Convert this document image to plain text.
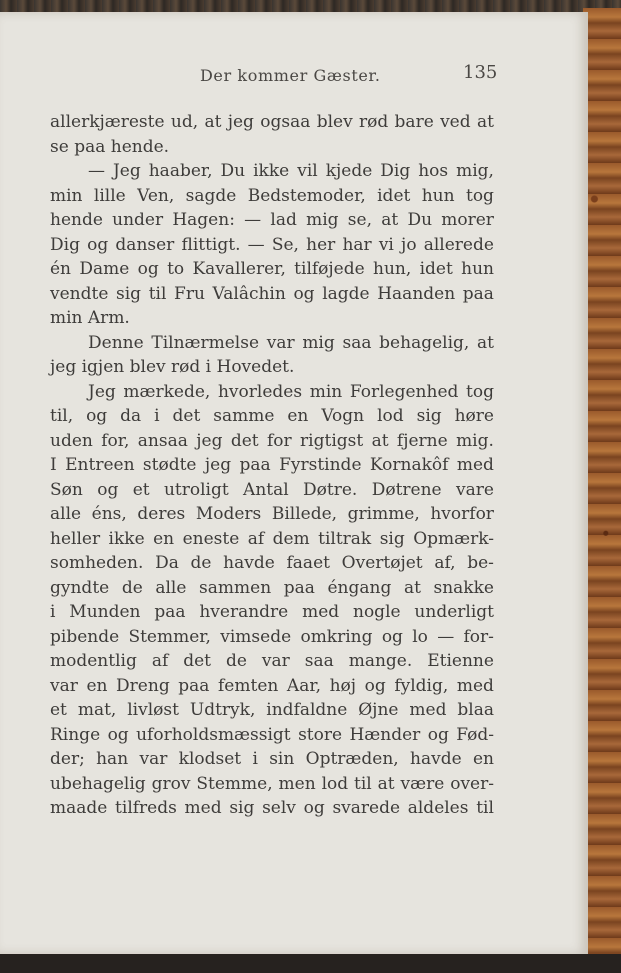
Der kommer Gæster.	135
allerkjæreste ud, at jeg ogsaa blev rød bare ved at
se paa hende.
— Jeg haaber, Du ikke vil kjede Dig hos mig,
min lille Ven, sagde Bedstemoder, idet hun tog
hende under Hagen: — lad mig se, at Du morer
Dig og danser flittigt. — Se, her har vi jo allerede
én Dame og to Kavallerer, tilføjede hun, idet hun
vendte sig til Fru Valâchin og lagde Haanden paa
min Arm.
Denne Tilnærmelse var mig saa behagelig, at
jeg igjen blev rød i Hovedet.
Jeg mærkede, hvorledes min Forlegenhed tog
til, og da i det samme en Vogn lod sig høre
uden for, ansaa jeg det for rigtigst at fjerne mig.
I Entreen stødte jeg paa Fyrstinde Kornakôf med
Søn og et utroligt Antal Døtre. Døtrene vare
alle éns, deres Moders Billede, grimme, hvorfor
heller ikke en eneste af dem tiltrak sig Opmærk-
somheden. Da de havde faaet Overtøjet af, be-
gyndte de alle sammen paa éngang at snakke
i Munden paa hverandre med nogle underligt
pibende Stemmer, vimsede omkring og lo — for-
modentlig af det de var saa mange. Etienne
var en Dreng paa femten Aar, høj og fyldig, med
et mat, livløst Udtryk, indfaldne Øjne med blaa
Ringe og uforholdsmæssigt store Hænder og Fød-
der; han var klodset i sin Optræden, havde en
ubehagelig grov Stemme, men lod til at være over-
maade tilfreds med sig selv og svarede aldeles til
